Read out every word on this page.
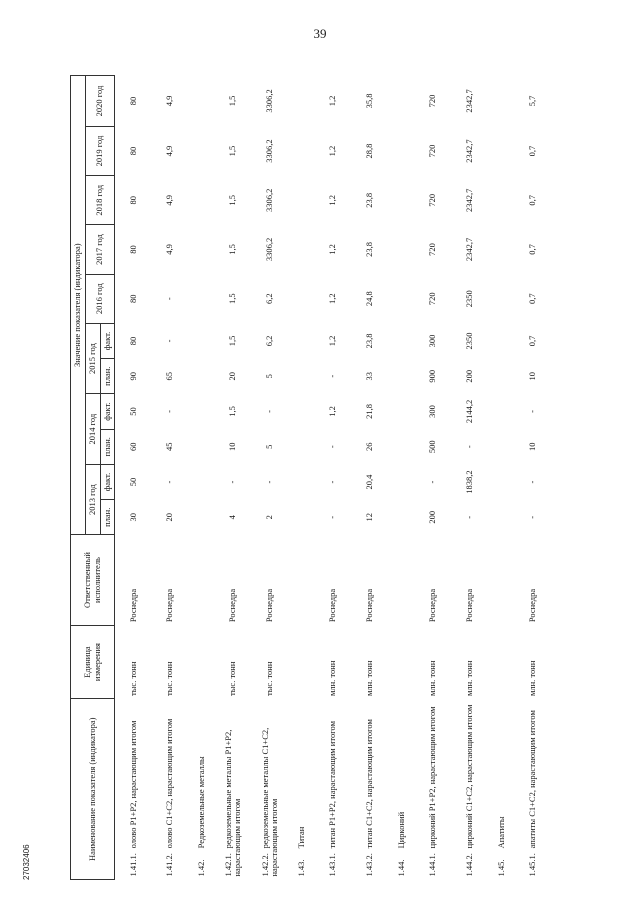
39
27032406
Наименование показателя (индикатора)	Единица измерения	Ответственный исполнитель	Значение показателя (индикатора)										
			2013 год		2014 год		2015 год		2016 год	2017 год	2018 год	2019 год	2020 год
			план.	факт.	план.	факт.	план.	факт.					
1.41.1. олово P1+P2, нарастающим итогом	тыс. тонн	Роснедра	30	50	60	50	90	80	80	80	80	80	80
1.41.2. олово C1+C2, нарастающим итогом	тыс. тонн	Роснедра	20	-	45	-	65	-	-	4,9	4,9	4,9	4,9
1.42. Редкоземельные металлы													
1.42.1. редкоземельные металлы P1+P2, нарастающим итогом	тыс. тонн	Роснедра	4	-	10	1,5	20	1,5	1,5	1,5	1,5	1,5	1,5
1.42.2. редкоземельные металлы C1+C2, нарастающим итогом	тыс. тонн	Роснедра	2	-	5	-	5	6,2	6,2	3306,2	3306,2	3306,2	3306,2
1.43. Титан													
1.43.1. титан P1+P2, нарастающим итогом	млн. тонн	Роснедра	-	-	-	1,2	-	1,2	1,2	1,2	1,2	1,2	1,2
1.43.2. титан C1+C2, нарастающим итогом	млн. тонн	Роснедра	12	20,4	26	21,8	33	23,8	24,8	23,8	23,8	28,8	35,8
1.44. Цирконий													
1.44.1. цирконий P1+P2, нарастающим итогом	млн. тонн	Роснедра	200	-	500	300	900	300	720	720	720	720	720
1.44.2. цирконий C1+C2, нарастающим итогом	млн. тонн	Роснедра	-	1838,2	-	2144,2	200	2350	2350	2342,7	2342,7	2342,7	2342,7
1.45. Апатиты													
1.45.1. апатиты C1+C2, нарастающим итогом	млн. тонн	Роснедра	-	-	10	-	10	0,7	0,7	0,7	0,7	0,7	5,7
